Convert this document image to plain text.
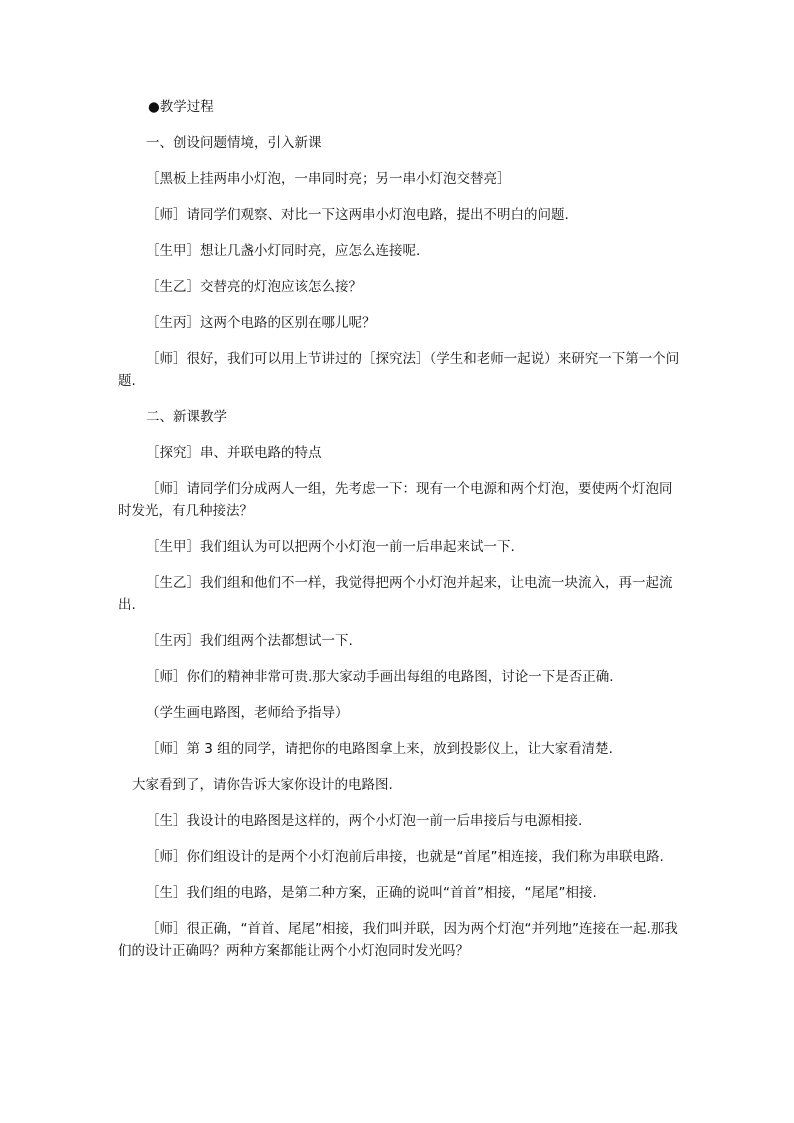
●教学过程

一、创设问题情境，引入新课

［黑板上挂两串小灯泡，一串同时亮；另一串小灯泡交替亮］

［师］请同学们观察、对比一下这两串小灯泡电路，提出不明白的问题.

［生甲］想让几盏小灯同时亮，应怎么连接呢.

［生乙］交替亮的灯泡应该怎么接？

［生丙］这两个电路的区别在哪儿呢？

［师］很好，我们可以用上节讲过的［探究法］（学生和老师一起说）来研究一下第一个问题.

二、新课教学

［探究］串、并联电路的特点

［师］请同学们分成两人一组，先考虑一下：现有一个电源和两个灯泡，要使两个灯泡同时发光，有几种接法？

［生甲］我们组认为可以把两个小灯泡一前一后串起来试一下.

［生乙］我们组和他们不一样，我觉得把两个小灯泡并起来，让电流一块流入，再一起流出.

［生丙］我们组两个法都想试一下.

［师］你们的精神非常可贵.那大家动手画出每组的电路图，讨论一下是否正确.

（学生画电路图，老师给予指导）

［师］第 3 组的同学，请把你的电路图拿上来，放到投影仪上，让大家看清楚.

大家看到了，请你告诉大家你设计的电路图.

［生］我设计的电路图是这样的，两个小灯泡一前一后串接后与电源相接.

［师］你们组设计的是两个小灯泡前后串接，也就是“首尾”相连接，我们称为串联电路.

［生］我们组的电路，是第二种方案，正确的说叫“首首”相接，“尾尾”相接.

［师］很正确，“首首、尾尾”相接，我们叫并联，因为两个灯泡“并列地”连接在一起.那我们的设计正确吗？两种方案都能让两个小灯泡同时发光吗？
